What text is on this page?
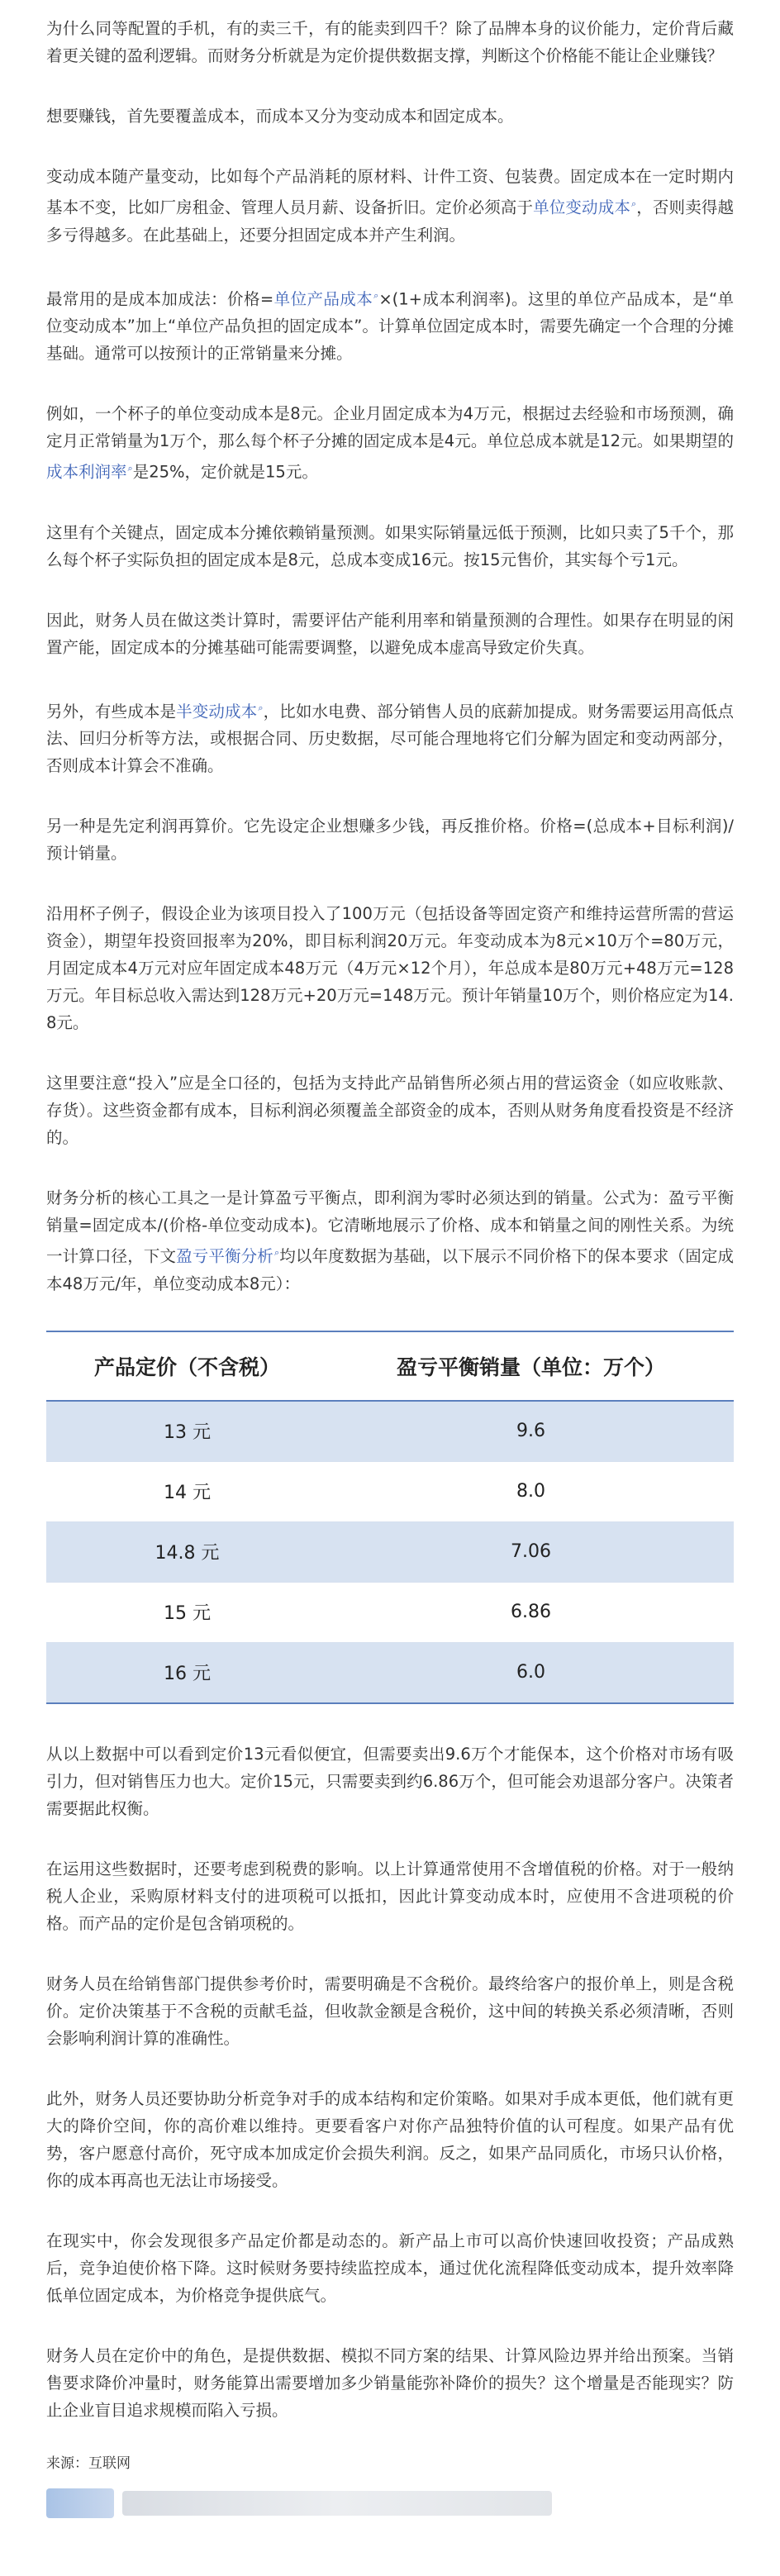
为什么同等配置的手机，有的卖三千，有的能卖到四千？除了品牌本身的议价能力，定价背后藏着更关键的盈利逻辑。而财务分析就是为定价提供数据支撑，判断这个价格能不能让企业赚钱？

想要赚钱，首先要覆盖成本，而成本又分为变动成本和固定成本。

变动成本随产量变动，比如每个产品消耗的原材料、计件工资、包装费。固定成本在一定时期内基本不变，比如厂房租金、管理人员月薪、设备折旧。定价必须高于单位变动成本⌕，否则卖得越多亏得越多。在此基础上，还要分担固定成本并产生利润。

最常用的是成本加成法：价格=单位产品成本⌕×(1+成本利润率)。这里的单位产品成本，是“单位变动成本”加上“单位产品负担的固定成本”。计算单位固定成本时，需要先确定一个合理的分摊基础。通常可以按预计的正常销量来分摊。

例如，一个杯子的单位变动成本是8元。企业月固定成本为4万元，根据过去经验和市场预测，确定月正常销量为1万个，那么每个杯子分摊的固定成本是4元。单位总成本就是12元。如果期望的成本利润率⌕是25%，定价就是15元。

这里有个关键点，固定成本分摊依赖销量预测。如果实际销量远低于预测，比如只卖了5千个，那么每个杯子实际负担的固定成本是8元，总成本变成16元。按15元售价，其实每个亏1元。

因此，财务人员在做这类计算时，需要评估产能利用率和销量预测的合理性。如果存在明显的闲置产能，固定成本的分摊基础可能需要调整，以避免成本虚高导致定价失真。

另外，有些成本是半变动成本⌕，比如水电费、部分销售人员的底薪加提成。财务需要运用高低点法、回归分析等方法，或根据合同、历史数据，尽可能合理地将它们分解为固定和变动两部分，否则成本计算会不准确。

另一种是先定利润再算价。它先设定企业想赚多少钱，再反推价格。价格=(总成本+目标利润)/预计销量。

沿用杯子例子，假设企业为该项目投入了100万元（包括设备等固定资产和维持运营所需的营运资金），期望年投资回报率为20%，即目标利润20万元。年变动成本为8元×10万个=80万元，月固定成本4万元对应年固定成本48万元（4万元×12个月），年总成本是80万元+48万元=128万元。年目标总收入需达到128万元+20万元=148万元。预计年销量10万个，则价格应定为14.8元。

这里要注意“投入”应是全口径的，包括为支持此产品销售所必须占用的营运资金（如应收账款、存货）。这些资金都有成本，目标利润必须覆盖全部资金的成本，否则从财务角度看投资是不经济的。

财务分析的核心工具之一是计算盈亏平衡点，即利润为零时必须达到的销量。公式为：盈亏平衡销量=固定成本/(价格-单位变动成本)。它清晰地展示了价格、成本和销量之间的刚性关系。为统一计算口径，下文盈亏平衡分析⌕均以年度数据为基础，以下展示不同价格下的保本要求（固定成本48万元/年，单位变动成本8元）：

产品定价（不含税）	盈亏平衡销量（单位：万个）
13 元	9.6
14 元	8.0
14.8 元	7.06
15 元	6.86
16 元	6.0

从以上数据中可以看到定价13元看似便宜，但需要卖出9.6万个才能保本，这个价格对市场有吸引力，但对销售压力也大。定价15元，只需要卖到约6.86万个，但可能会劝退部分客户。决策者需要据此权衡。

在运用这些数据时，还要考虑到税费的影响。以上计算通常使用不含增值税的价格。对于一般纳税人企业，采购原材料支付的进项税可以抵扣，因此计算变动成本时，应使用不含进项税的价格。而产品的定价是包含销项税的。

财务人员在给销售部门提供参考价时，需要明确是不含税价。最终给客户的报价单上，则是含税价。定价决策基于不含税的贡献毛益，但收款金额是含税价，这中间的转换关系必须清晰，否则会影响利润计算的准确性。

此外，财务人员还要协助分析竞争对手的成本结构和定价策略。如果对手成本更低，他们就有更大的降价空间，你的高价难以维持。更要看客户对你产品独特价值的认可程度。如果产品有优势，客户愿意付高价，死守成本加成定价会损失利润。反之，如果产品同质化，市场只认价格，你的成本再高也无法让市场接受。

在现实中，你会发现很多产品定价都是动态的。新产品上市可以高价快速回收投资；产品成熟后，竞争迫使价格下降。这时候财务要持续监控成本，通过优化流程降低变动成本，提升效率降低单位固定成本，为价格竞争提供底气。

财务人员在定价中的角色，是提供数据、模拟不同方案的结果、计算风险边界并给出预案。当销售要求降价冲量时，财务能算出需要增加多少销量能弥补降价的损失？这个增量是否能现实？防止企业盲目追求规模而陷入亏损。

来源：互联网
